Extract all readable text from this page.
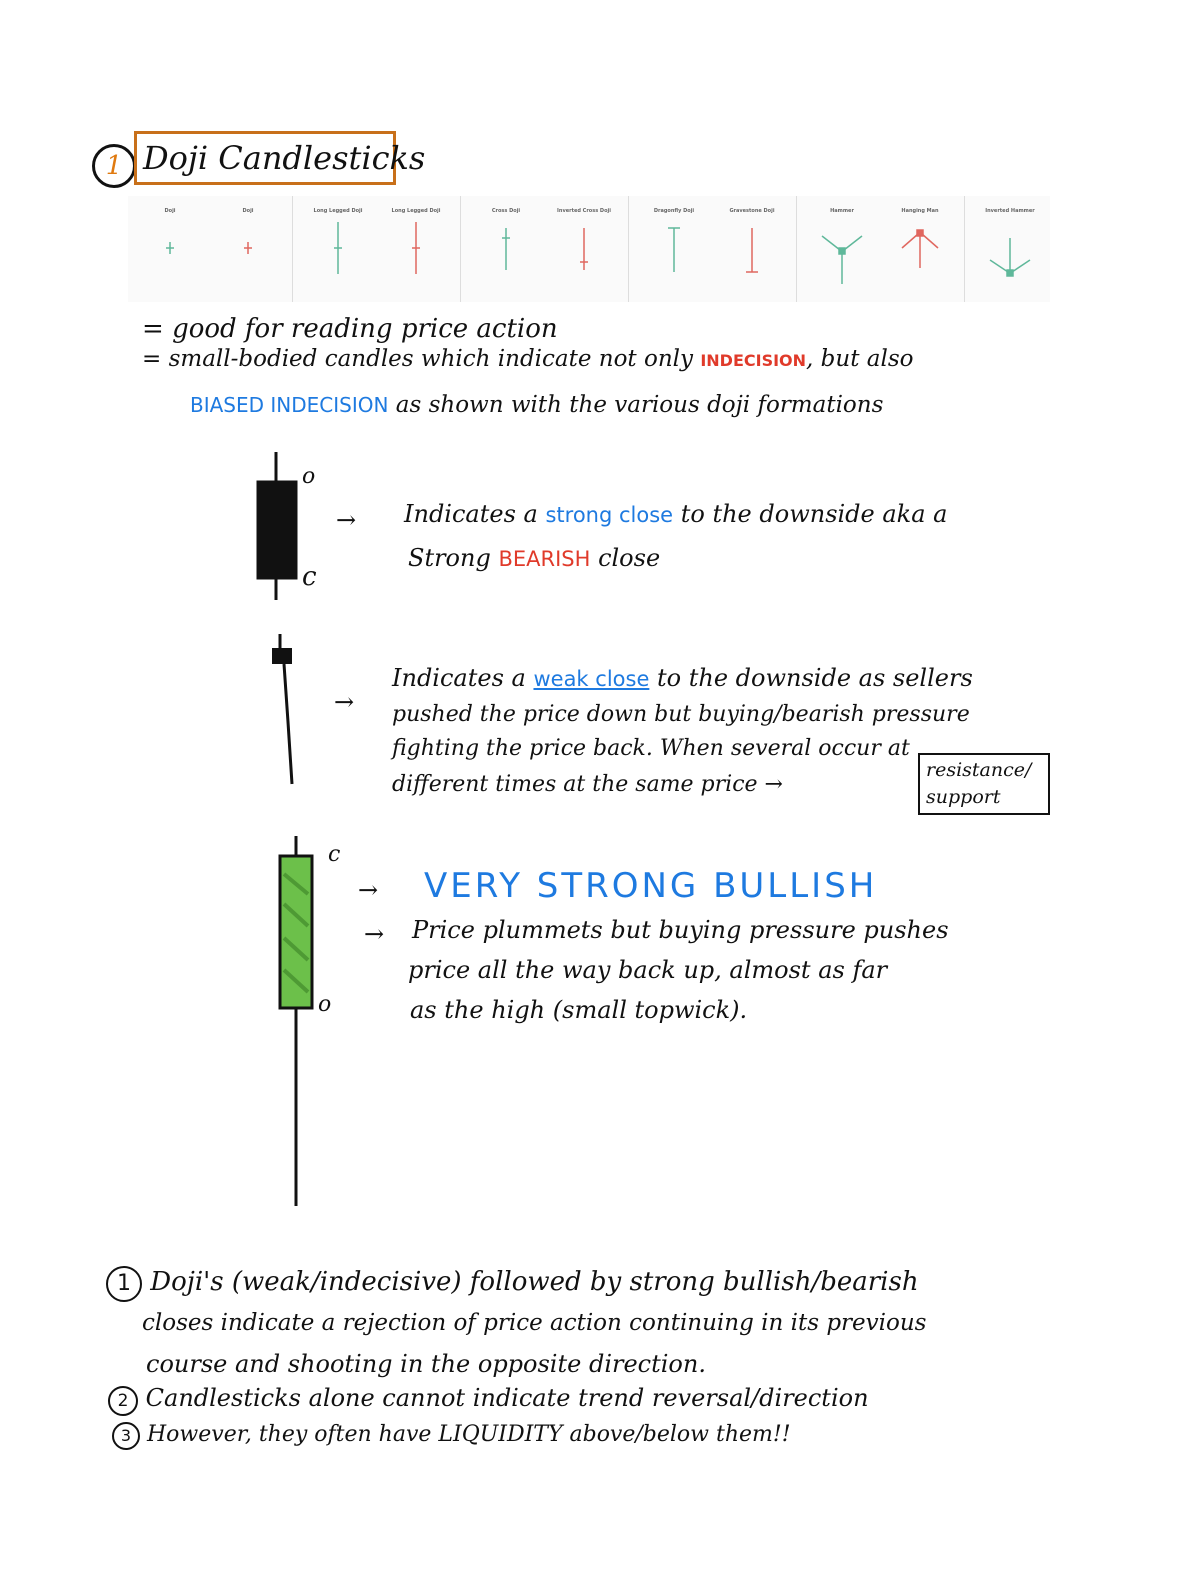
1 Doji Candlesticks
Doji	Doji	Long Legged Doji	Long Legged Doji	Cross Doji	Inverted Cross Doji	Dragonfly Doji	Gravestone Doji	Hammer	Hanging Man	Inverted Hammer
= good for reading price action
= small-bodied candles which indicate not only INDECISION, but also
BIASED INDECISION as shown with the various doji formations
o
c
→ Indicates a strong close to the downside aka a
Strong BEARISH close
→
Indicates a weak close to the downside as sellers
pushed the price down but buying/bearish pressure
fighting the price back. When several occur at
different times at the same price →
resistance/ support
c
o
→ VERY STRONG BULLISH
→ Price plummets but buying pressure pushes
price all the way back up, almost as far
as the high (small topwick).
1 Doji's (weak/indecisive) followed by strong bullish/bearish
closes indicate a rejection of price action continuing in its previous
course and shooting in the opposite direction.
2 Candlesticks alone cannot indicate trend reversal/direction
3 However, they often have LIQUIDITY above/below them!!
